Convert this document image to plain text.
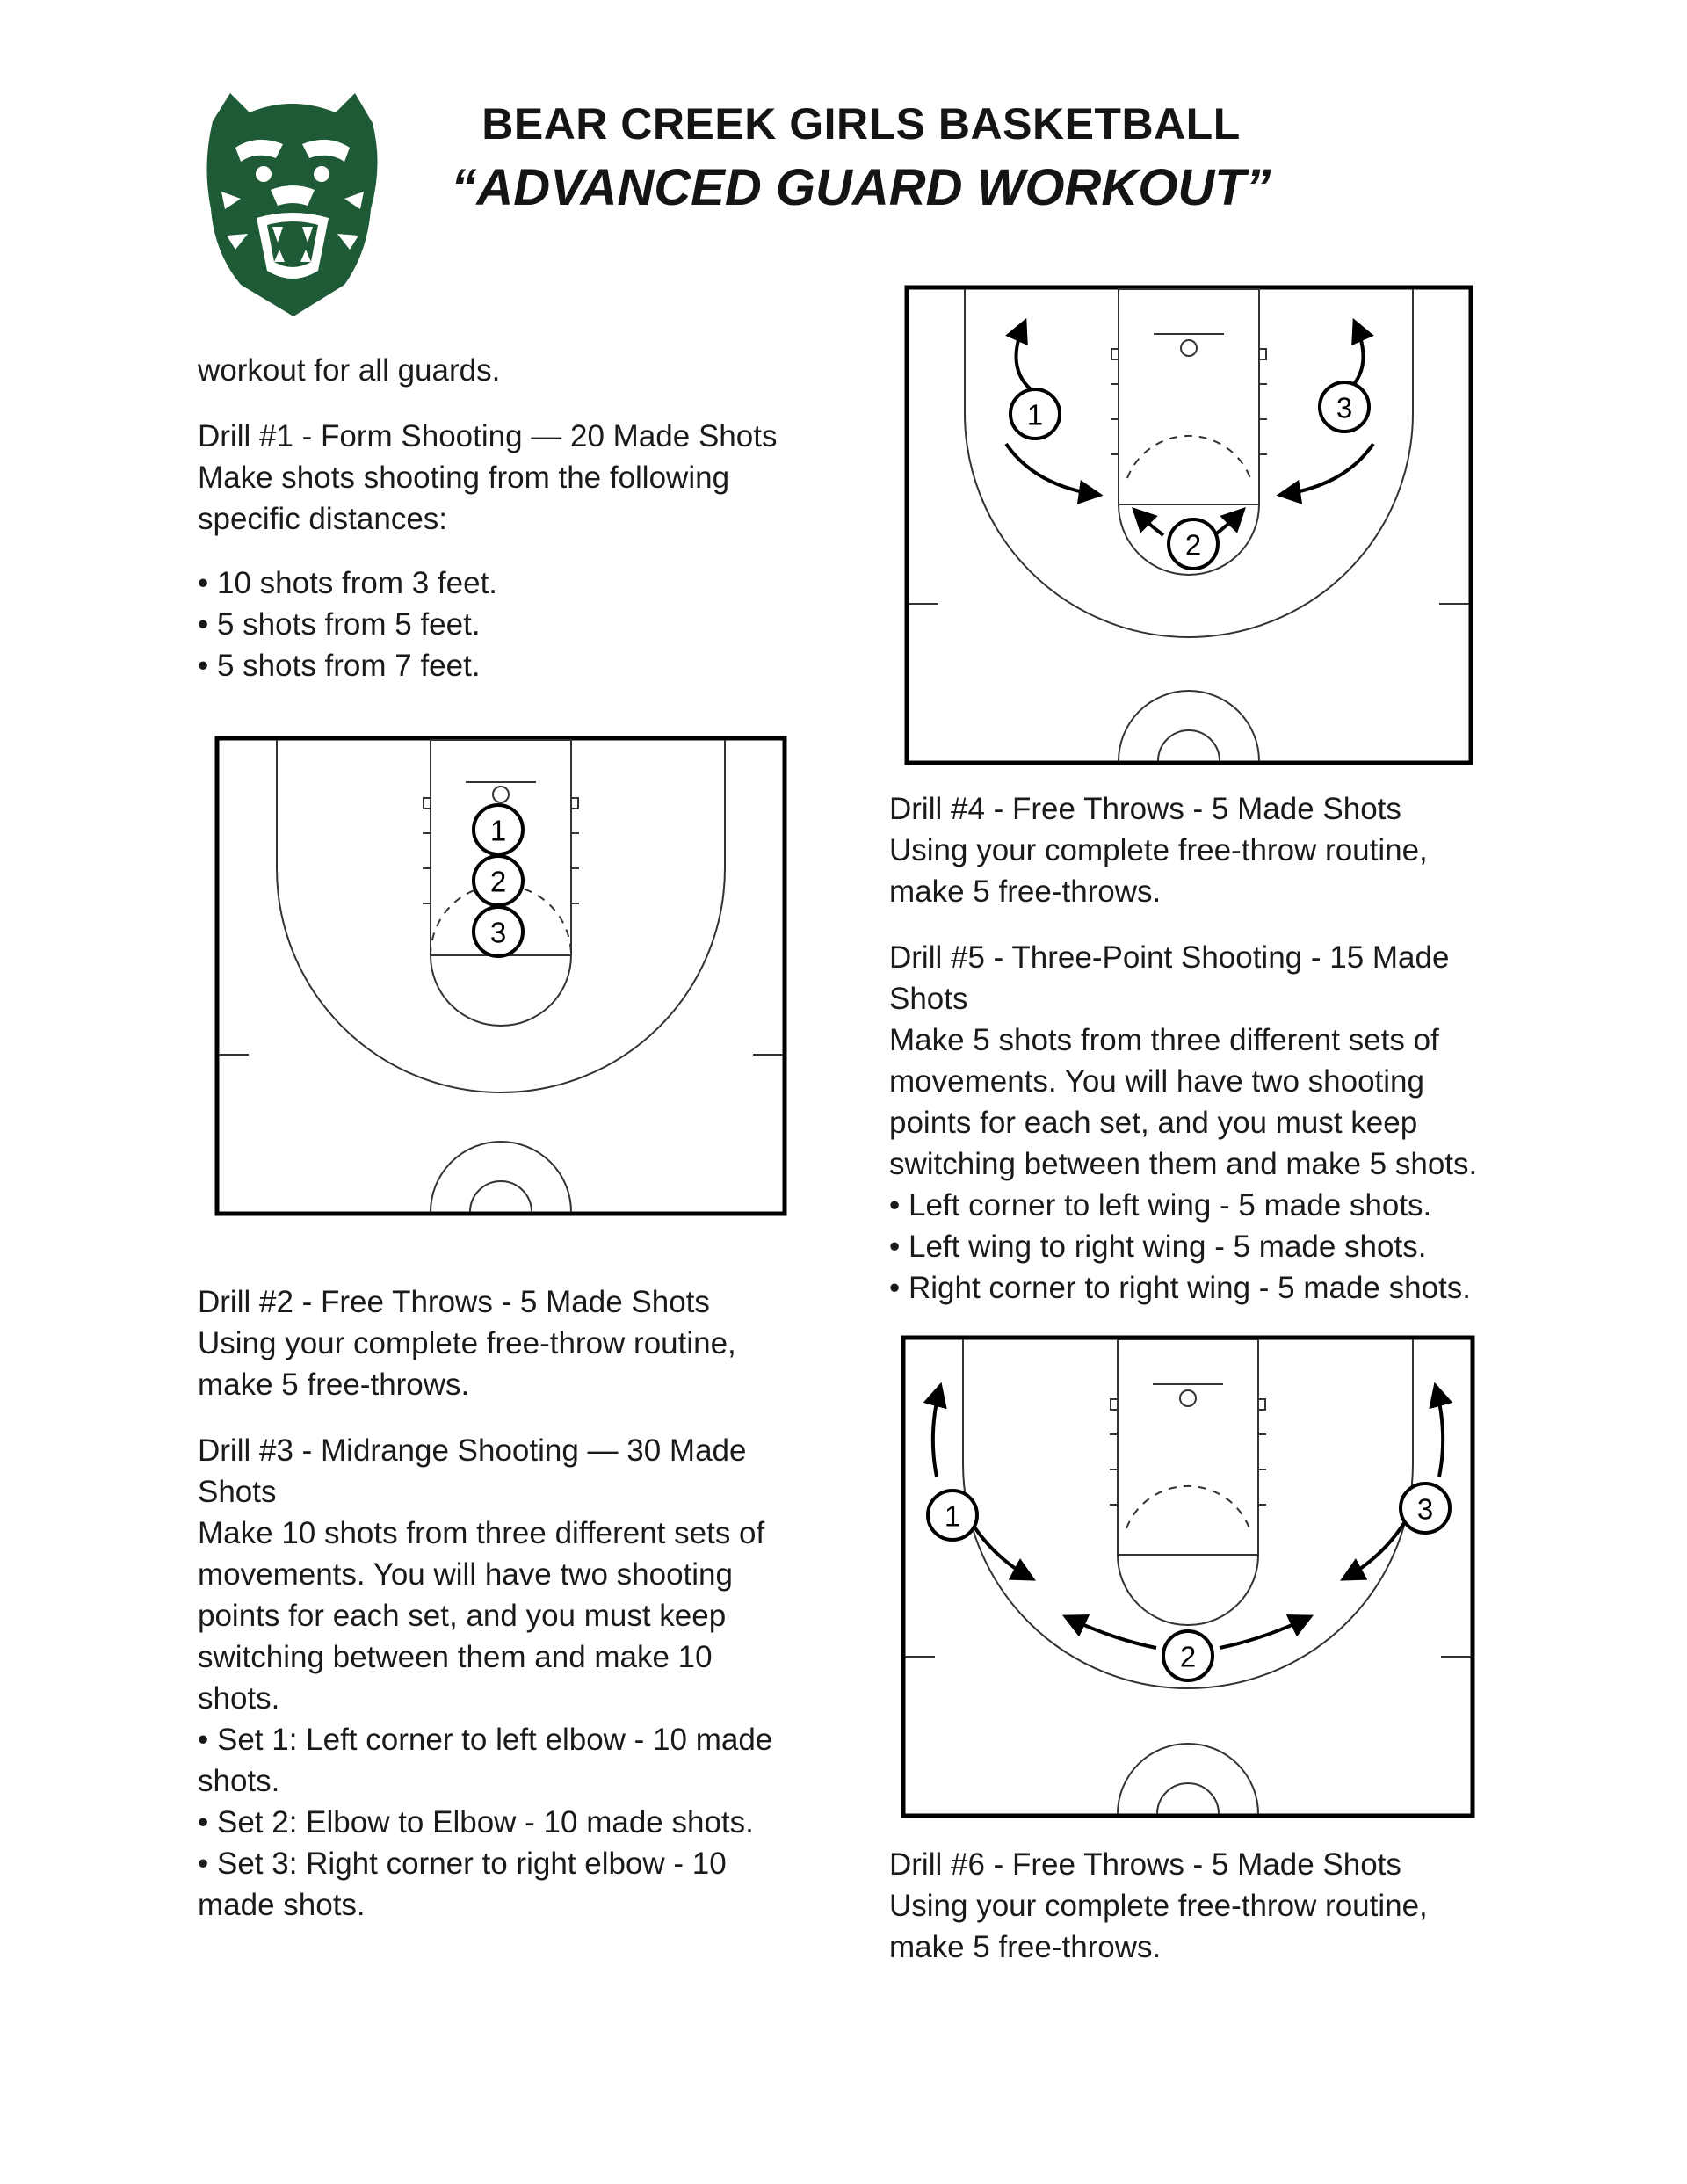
BEAR CREEK GIRLS BASKETBALL
“ADVANCED GUARD WORKOUT”

workout for all guards.

Drill #1 - Form Shooting — 20 Made Shots

Make shots shooting from the following

specific distances:

• 10 shots from 3 feet.

• 5 shots from 5 feet.

• 5 shots from 7 feet.

1
2
3

Drill #2 - Free Throws - 5 Made Shots

Using your complete free-throw routine,

make 5 free-throws.

Drill #3 - Midrange Shooting — 30 Made

Shots

Make 10 shots from three different sets of

movements. You will have two shooting

points for each set, and you must keep

switching between them and make 10

shots.

• Set 1: Left corner to left elbow - 10 made

shots.

• Set 2: Elbow to Elbow - 10 made shots.

• Set 3: Right corner to right elbow - 10

made shots.

1
2
3

Drill #4 - Free Throws - 5 Made Shots

Using your complete free-throw routine,

make 5 free-throws.

Drill #5 - Three-Point Shooting - 15 Made

Shots

Make 5 shots from three different sets of

movements. You will have two shooting

points for each set, and you must keep

switching between them and make 5 shots.

• Left corner to left wing - 5 made shots.

• Left wing to right wing - 5 made shots.

• Right corner to right wing - 5 made shots.

1
2
3

Drill #6 - Free Throws - 5 Made Shots

Using your complete free-throw routine,

make 5 free-throws.
